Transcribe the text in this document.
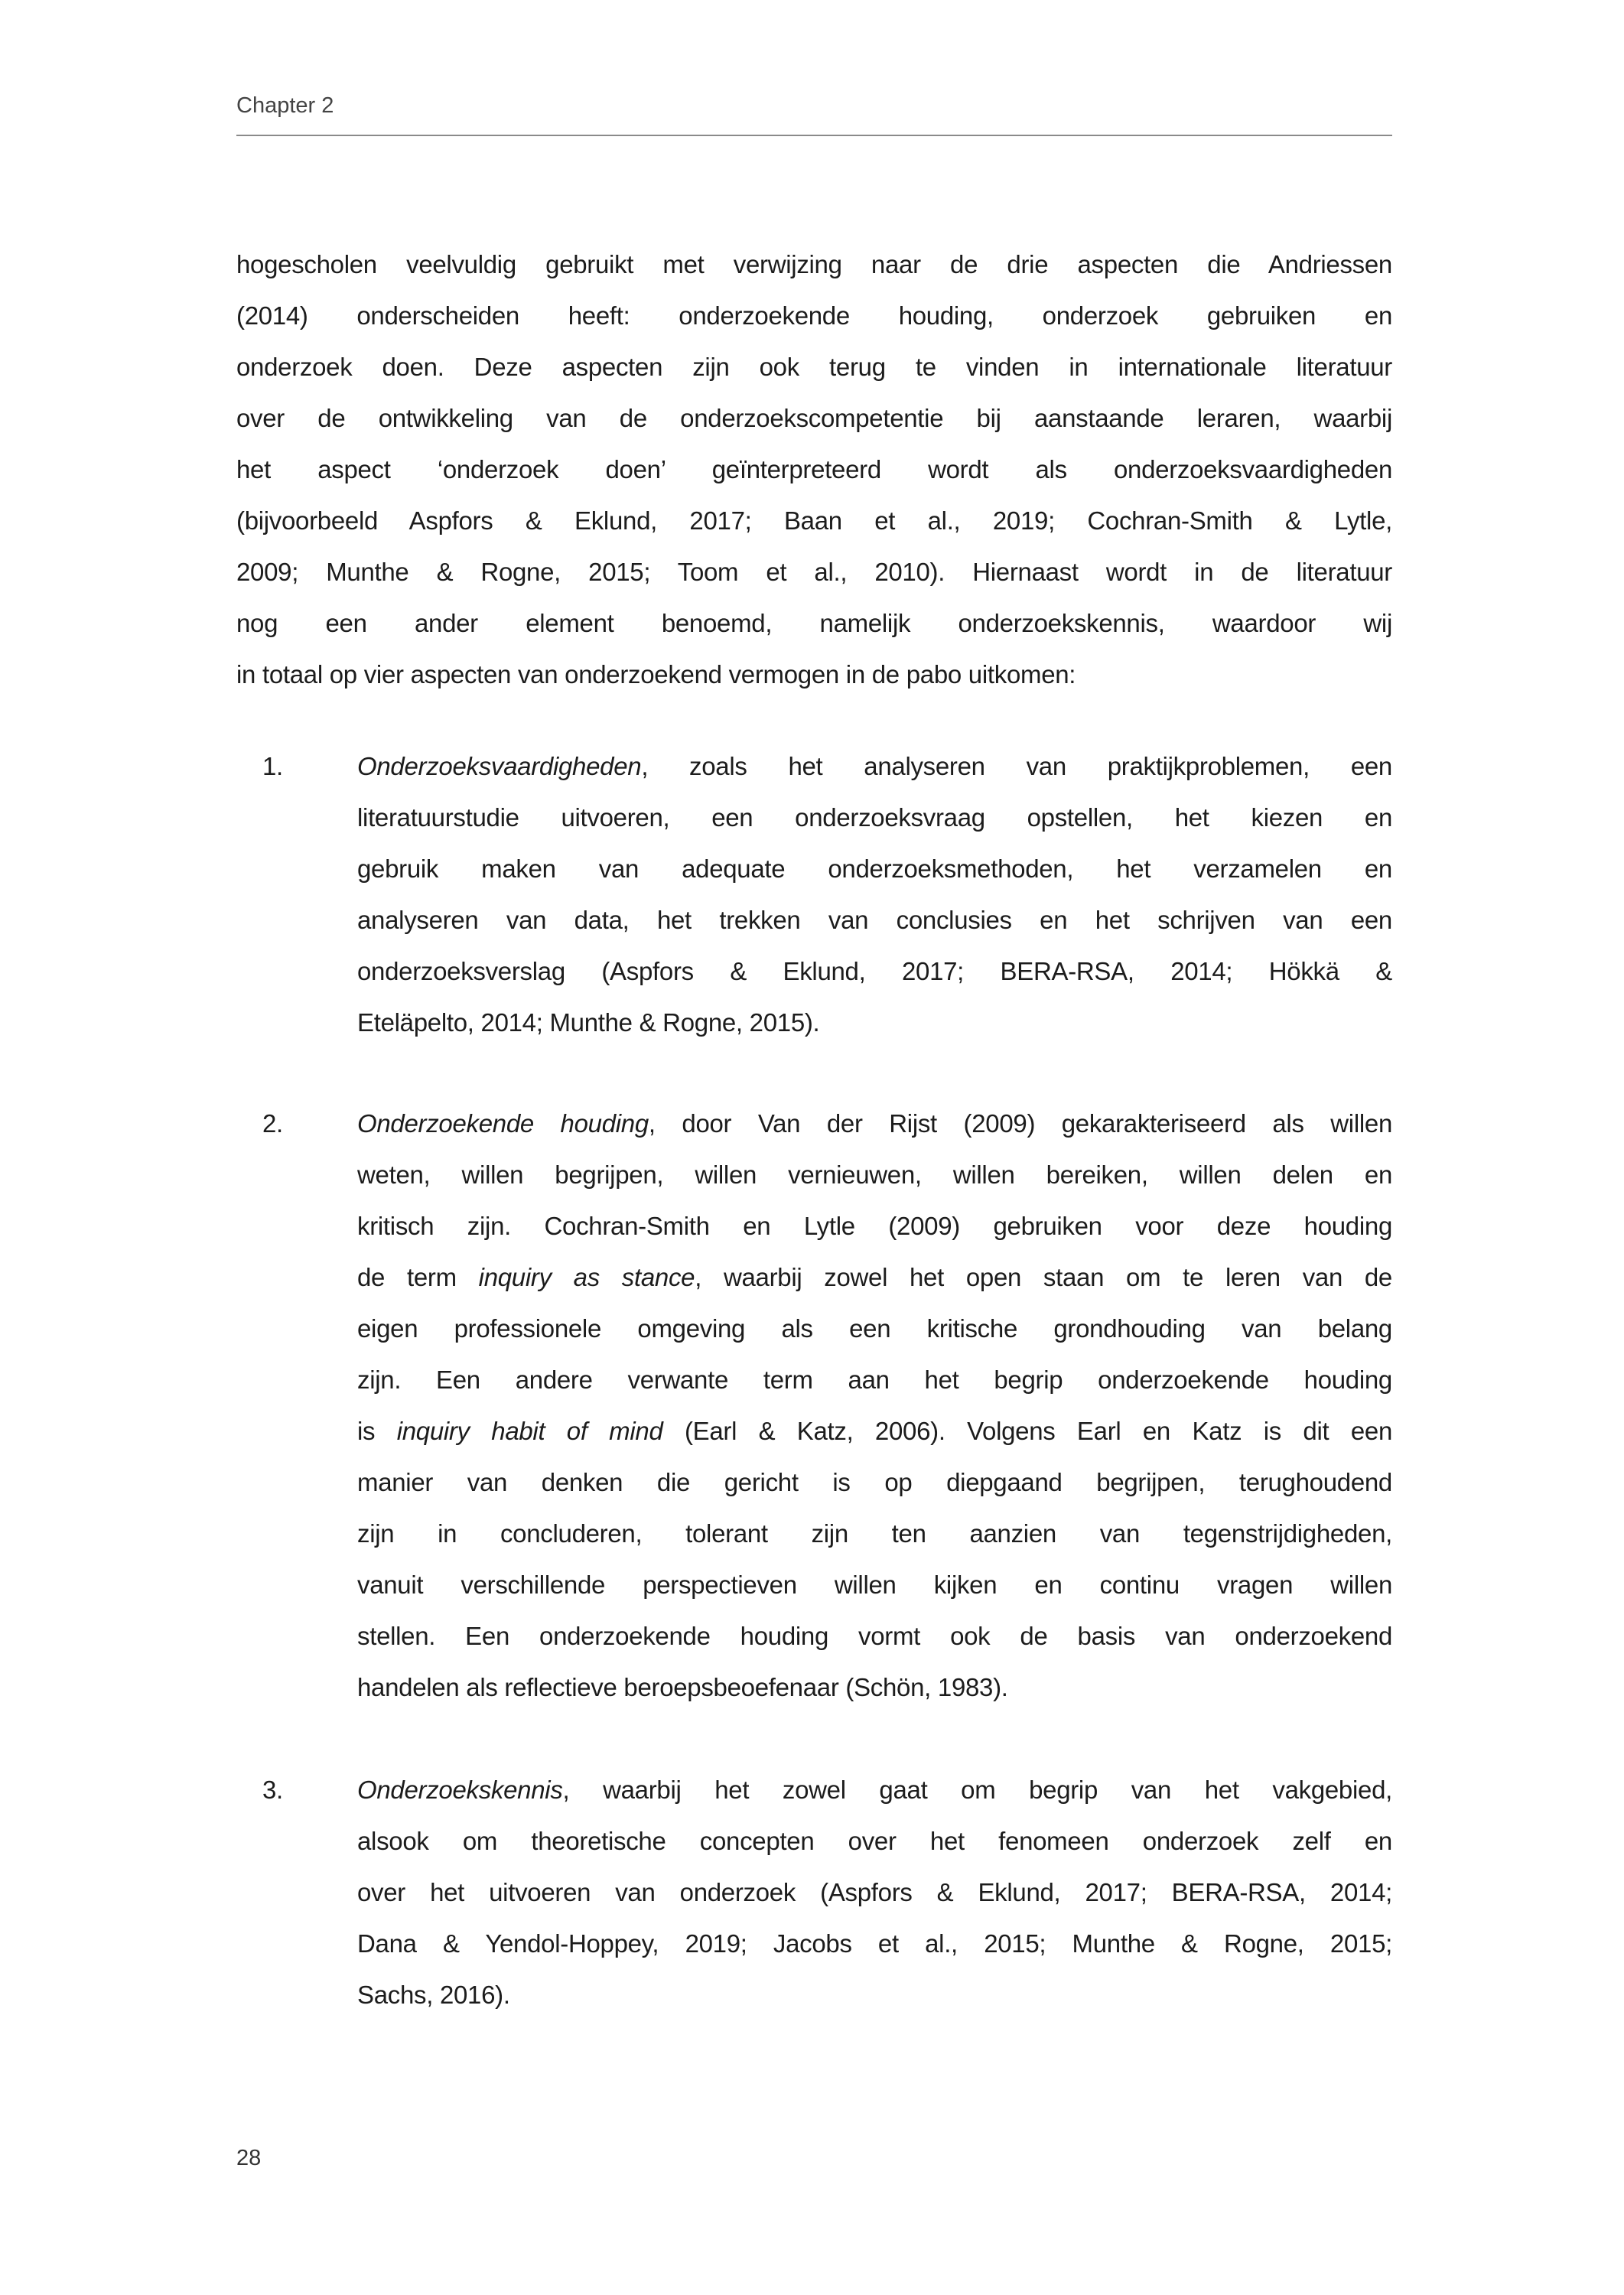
Chapter 2
hogescholen veelvuldig gebruikt met verwijzing naar de drie aspecten die Andriessen
(2014) onderscheiden heeft: onderzoekende houding, onderzoek gebruiken en
onderzoek doen. Deze aspecten zijn ook terug te vinden in internationale literatuur
over de ontwikkeling van de onderzoekscompetentie bij aanstaande leraren, waarbij
het aspect ‘onderzoek doen’ geïnterpreteerd wordt als onderzoeksvaardigheden
(bijvoorbeeld Aspfors & Eklund, 2017; Baan et al., 2019; Cochran-Smith & Lytle,
2009; Munthe & Rogne, 2015; Toom et al., 2010). Hiernaast wordt in de literatuur
nog een ander element benoemd, namelijk onderzoekskennis, waardoor wij
in totaal op vier aspecten van onderzoekend vermogen in de pabo uitkomen:
1.	Onderzoeksvaardigheden, zoals het analyseren van praktijkproblemen, een
literatuurstudie uitvoeren, een onderzoeksvraag opstellen, het kiezen en
gebruik maken van adequate onderzoeksmethoden, het verzamelen en
analyseren van data, het trekken van conclusies en het schrijven van een
onderzoeksverslag (Aspfors & Eklund, 2017; BERA-RSA, 2014; Hökkä &
Eteläpelto, 2014; Munthe & Rogne, 2015).
2.	Onderzoekende houding, door Van der Rijst (2009) gekarakteriseerd als willen
weten, willen begrijpen, willen vernieuwen, willen bereiken, willen delen en
kritisch zijn. Cochran-Smith en Lytle (2009) gebruiken voor deze houding
de term inquiry as stance, waarbij zowel het open staan om te leren van de
eigen professionele omgeving als een kritische grondhouding van belang
zijn. Een andere verwante term aan het begrip onderzoekende houding
is inquiry habit of mind (Earl & Katz, 2006). Volgens Earl en Katz is dit een
manier van denken die gericht is op diepgaand begrijpen, terughoudend
zijn in concluderen, tolerant zijn ten aanzien van tegenstrijdigheden,
vanuit verschillende perspectieven willen kijken en continu vragen willen
stellen. Een onderzoekende houding vormt ook de basis van onderzoekend
handelen als reflectieve beroepsbeoefenaar (Schön, 1983).
3.	Onderzoekskennis, waarbij het zowel gaat om begrip van het vakgebied,
alsook om theoretische concepten over het fenomeen onderzoek zelf en
over het uitvoeren van onderzoek (Aspfors & Eklund, 2017; BERA-RSA, 2014;
Dana & Yendol-Hoppey, 2019; Jacobs et al., 2015; Munthe & Rogne, 2015;
Sachs, 2016).
28
